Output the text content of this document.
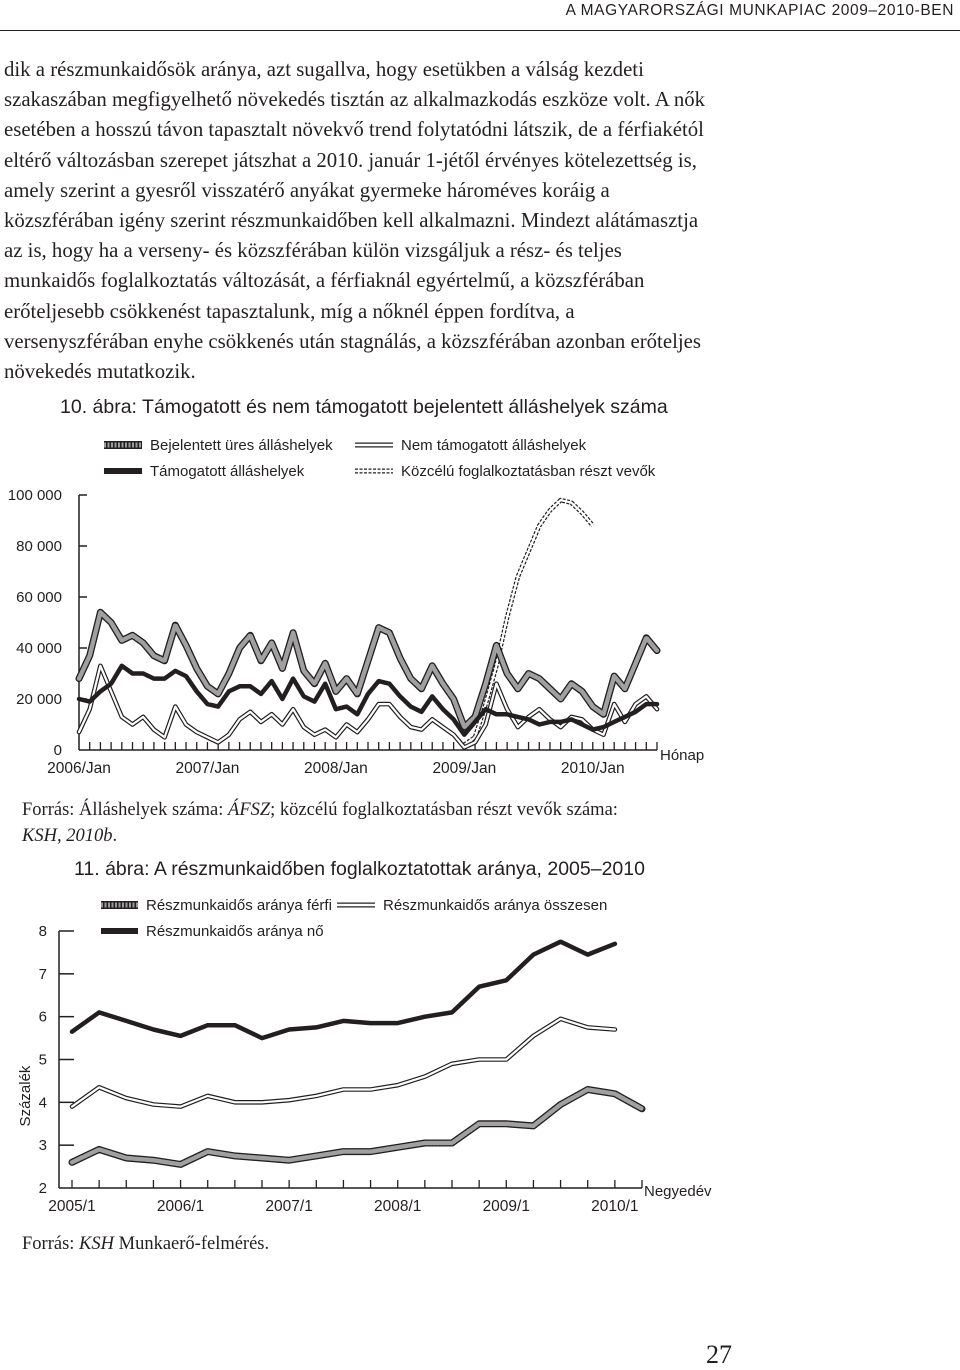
A MAGYARORSZÁGI MUNKAPIAC 2009–2010-BEN

dik a részmunkaidősök aránya, azt sugallva, hogy esetükben a válság kezdeti szakaszában megfigyelhető növekedés tisztán az alkalmazkodás eszköze volt. A nők esetében a hosszú távon tapasztalt növekvő trend folytatódni látszik, de a férfiakétól eltérő változásban szerepet játszhat a 2010. január 1-jétől érvényes kötelezettség is, amely szerint a gyesről visszatérő anyákat gyermeke hároméves koráig a közszférában igény szerint részmunkaidőben kell alkalmazni. Mindezt alátámasztja az is, hogy ha a verseny- és közszférában külön vizsgáljuk a rész- és teljes munkaidős foglalkoztatás változását, a férfiaknál egyértelmű, a közszférában erőteljesebb csökkenést tapasztalunk, míg a nőknél éppen fordítva, a versenyszférában enyhe csökkenés után stagnálás, a közszférában azonban erőteljes növekedés mutatkozik.

10. ábra: Támogatott és nem támogatott bejelentett álláshelyek száma
Bejelentett üres álláshelyek
Támogatott álláshelyek
Nem támogatott álláshelyek
Közcélú foglalkoztatásban részt vevők
0
20 000
40 000
60 000
80 000
100 000
2006/Jan	2007/Jan	2008/Jan	2009/Jan	2010/Jan
Hónap
Forrás: Álláshelyek száma: ÁFSZ; közcélú foglalkoztatásban részt vevők száma:
KSH, 2010b.
11. ábra: A részmunkaidőben foglalkoztatottak aránya, 2005–2010
Részmunkaidős aránya férfi
Részmunkaidős aránya nő
Részmunkaidős aránya összesen
2
3
4
5
6
7
8
2005/1	2006/1	2007/1	2008/1	2009/1	2010/1
Negyedév
Százalék
Forrás: KSH Munkaerő-felmérés.
27
